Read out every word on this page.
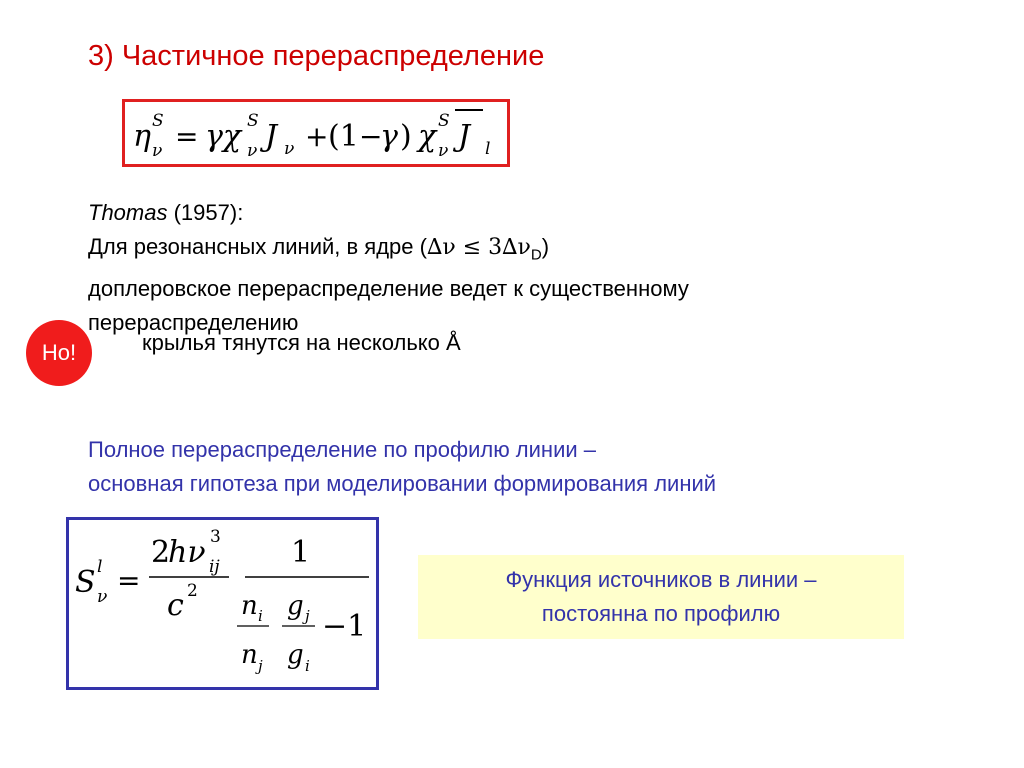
3) Частичное перераспределение
η S
ν = γχ S
ν J ν + (1 −
γ ) χ S
ν J l
Thomas (1957):
Для резонансных линий, в ядре $(\Delta\nu \le 3\Delta\nu_D)$
доплеровское перераспределение ведет к существенному
перераспределению
Но!	крылья тянутся на несколько Å
Полное перераспределение по профилю линии –
основная гипотеза при моделировании формирования линий
S l
ν =
2
hν 3
ij
c 2
1
n i
n j
g j
g i
−1
Функция источников в линии –
постоянна по профилю
